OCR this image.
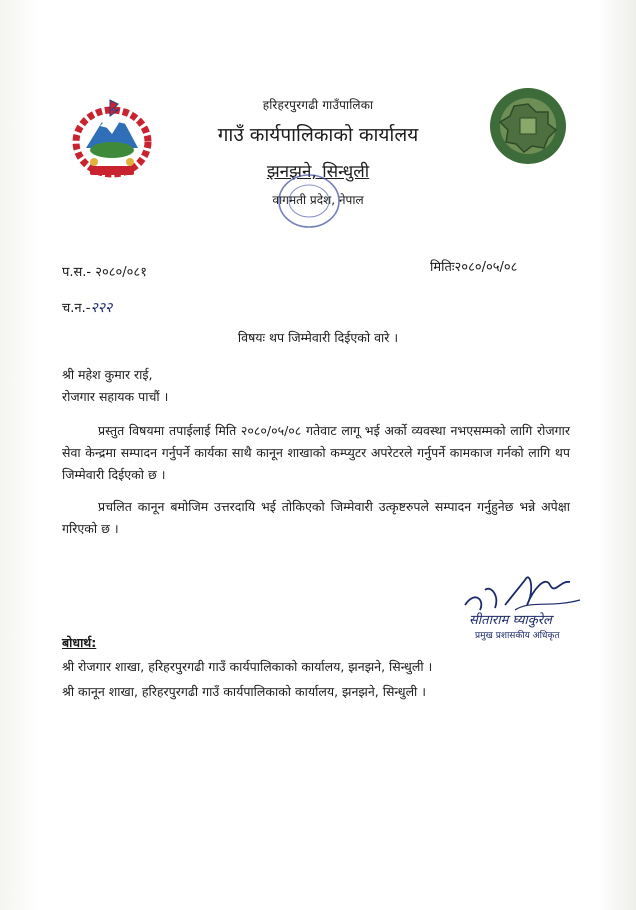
हरिहरपुरगढी गाउँपालिका
गाउँ कार्यपालिकाको कार्यालय
झनझने, सिन्धुली
वागमती प्रदेश, नेपाल
प.स.- २०८०/०८१	मितिः२०८०/०५/०८
च.न.-२२२
विषयः थप जिम्मेवारी दिईएको वारे ।
श्री महेश कुमार राई,
रोजगार सहायक पाचौं ।
प्रस्तुत विषयमा तपाईलाई मिति २०८०/०५/०८ गतेवाट लागू भई अर्को व्यवस्था नभएसम्मको लागि रोजगार सेवा केन्द्रमा सम्पादन गर्नुपर्ने कार्यका साथै कानून शाखाको कम्प्युटर अपरेटरले गर्नुपर्ने कामकाज गर्नको लागि थप जिम्मेवारी दिईएको छ ।
प्रचलित कानून बमोजिम उत्तरदायि भई तोकिएको जिम्मेवारी उत्कृष्टरुपले सम्पादन गर्नुहुनेछ भन्ने अपेक्षा गरिएको छ ।
सीताराम घ्याकुरेल
प्रमुख प्रशासकीय अधिकृत
बोधार्थ:
श्री रोजगार शाखा, हरिहरपुरगढी गाउँ कार्यपालिकाको कार्यालय, झनझने, सिन्धुली ।
श्री कानून शाखा, हरिहरपुरगढी गाउँ कार्यपालिकाको कार्यालय, झनझने, सिन्धुली ।
